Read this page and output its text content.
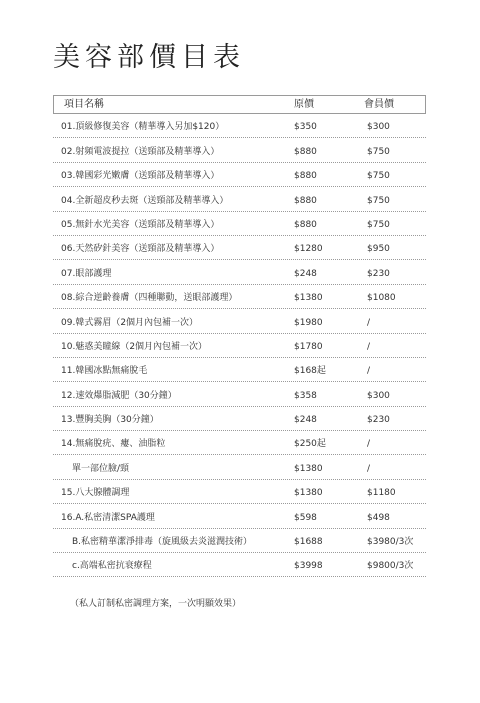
美容部價目表
項目名稱	原價	會員價
01.頂級修復美容（精華導入另加$120）	$350	$300
02.射頻電波提拉（送頸部及精華導入）	$880	$750
03.韓國彩光嫩膚（送頸部及精華導入）	$880	$750
04.全新超皮秒去斑（送頸部及精華導入）	$880	$750
05.無針水光美容（送頸部及精華導入）	$880	$750
06.天然矽針美容（送頸部及精華導入）	$1280	$950
07.眼部護理	$248	$230
08.綜合逆齡養膚（四種聯動，送眼部護理）	$1380	$1080
09.韓式霧眉（2個月內包補一次）	$1980	/
10.魅惑美瞳線（2個月內包補一次）	$1780	/
11.韓國冰點無痛脫毛	$168起	/
12.速效爆脂減肥（30分鐘）	$358	$300
13.豐胸美胸（30分鐘）	$248	$230
14.無痛脫疣、瘻、油脂粒	$250起	/
單一部位臉/頸	$1380	/
15.八大腺體調理	$1380	$1180
16.A.私密清潔SPA護理	$598	$498
B.私密精華潔淨排毒（旋風級去炎滋潤技術）	$1688	$3980/3次
c.高端私密抗衰療程	$3998	$9800/3次
（私人訂制私密調理方案，一次明顯效果）
